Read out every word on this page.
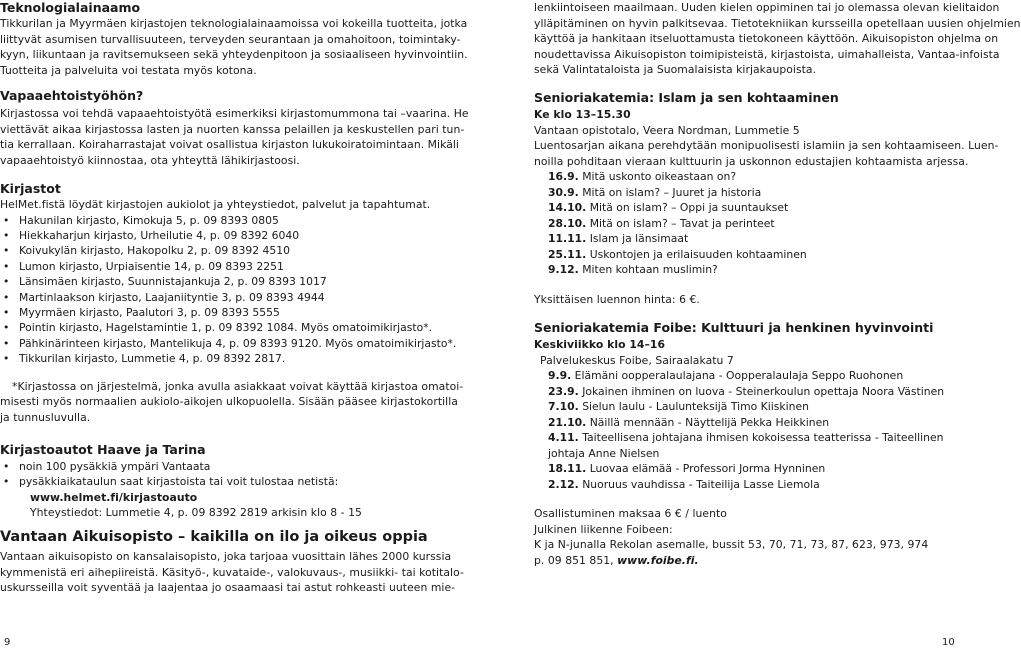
Teknologialainaamo

Tikkurilan ja Myyrmäen kirjastojen teknologialainaamoissa voi kokeilla tuotteita, jotka
liittyvät asumisen turvallisuuteen, terveyden seurantaan ja omahoitoon, toimintaky-
kyyn, liikuntaan ja ravitsemukseen sekä yhteydenpitoon ja sosiaaliseen hyvinvointiin.
Tuotteita ja palveluita voi testata myös kotona.

Vapaaehtoistyöhön?

Kirjastossa voi tehdä vapaaehtoistyötä esimerkiksi kirjastomummona tai –vaarina. He
viettävät aikaa kirjastossa lasten ja nuorten kanssa pelaillen ja keskustellen pari tun-
tia kerrallaan. Koiraharrastajat voivat osallistua kirjaston lukukoiratoimintaan. Mikäli
vapaaehtoistyö kiinnostaa, ota yhteyttä lähikirjastoosi.

Kirjastot

HelMet.fistä löydät kirjastojen aukiolot ja yhteystiedot, palvelut ja tapahtumat.

• Hakunilan kirjasto, Kimokuja 5, p. 09 8393 0805
• Hiekkaharjun kirjasto, Urheilutie 4, p. 09 8392 6040
• Koivukylän kirjasto, Hakopolku 2, p. 09 8392 4510
• Lumon kirjasto, Urpiaisentie 14, p. 09 8393 2251
• Länsimäen kirjasto, Suunnistajankuja 2, p. 09 8393 1017
• Martinlaakson kirjasto, Laajaniityntie 3, p. 09 8393 4944
• Myyrmäen kirjasto, Paalutori 3, p. 09 8393 5555
• Pointin kirjasto, Hagelstamintie 1, p. 09 8392 1084. Myös omatoimikirjasto*.
• Pähkinärinteen kirjasto, Mantelikuja 4, p. 09 8393 9120. Myös omatoimikirjasto*.
• Tikkurilan kirjasto, Lummetie 4, p. 09 8392 2817.

*Kirjastossa on järjestelmä, jonka avulla asiakkaat voivat käyttää kirjastoa omatoi-
misesti myös normaalien aukiolo-aikojen ulkopuolella. Sisään pääsee kirjastokortilla
ja tunnusluvulla.

Kirjastoautot Haave ja Tarina
• noin 100 pysäkkiä ympäri Vantaata
• pysäkkiaikataulun saat kirjastoista tai voit tulostaa netistä:
www.helmet.fi/kirjastoauto
Yhteystiedot: Lummetie 4, p. 09 8392 2819 arkisin klo 8 - 15
Vantaan Aikuisopisto – kaikilla on ilo ja oikeus oppia

Vantaan aikuisopisto on kansalaisopisto, joka tarjoaa vuosittain lähes 2000 kurssia
kymmenistä eri aihepiireistä. Käsityö-, kuvataide-, valokuvaus-, musiikki- tai kotitalo-
uskursseilla voit syventää ja laajentaa jo osaamaasi tai astut rohkeasti uuteen mie-

lenkiintoiseen maailmaan. Uuden kielen oppiminen tai jo olemassa olevan kielitaidon
ylläpitäminen on hyvin palkitsevaa. Tietotekniikan kursseilla opetellaan uusien ohjelmien
käyttöä ja hankitaan itseluottamusta tietokoneen käyttöön. Aikuisopiston ohjelma on
noudettavissa Aikuisopiston toimipisteistä, kirjastoista, uimahalleista, Vantaa-infoista
sekä Valintataloista ja Suomalaisista kirjakaupoista.

Senioriakatemia: Islam ja sen kohtaaminen
Ke klo 13–15.30
Vantaan opistotalo, Veera Nordman, Lummetie 5
Luentosarjan aikana perehdytään monipuolisesti islamiin ja sen kohtaamiseen. Luen-
noilla pohditaan vieraan kulttuurin ja uskonnon edustajien kohtaamista arjessa.
16.9. Mitä uskonto oikeastaan on?
30.9. Mitä on islam? – Juuret ja historia
14.10. Mitä on islam? – Oppi ja suuntaukset
28.10. Mitä on islam? – Tavat ja perinteet
11.11. Islam ja länsimaat
25.11. Uskontojen ja erilaisuuden kohtaaminen
9.12. Miten kohtaan muslimin?
Yksittäisen luennon hinta: 6 €.
Senioriakatemia Foibe: Kulttuuri ja henkinen hyvinvointi
Keskiviikko klo 14–16
Palvelukeskus Foibe, Sairaalakatu 7
9.9. Elämäni oopperalaulajana - Oopperalaulaja Seppo Ruohonen
23.9. Jokainen ihminen on luova - Steinerkoulun opettaja Noora Västinen
7.10. Sielun laulu - Laulunteksijä Timo Kiiskinen
21.10. Näillä mennään - Näyttelijä Pekka Heikkinen
4.11. Taiteellisena johtajana ihmisen kokoisessa teatterissa - Taiteellinen
johtaja Anne Nielsen
18.11. Luovaa elämää - Professori Jorma Hynninen
2.12. Nuoruus vauhdissa - Taiteilija Lasse Liemola
Osallistuminen maksaa 6 € / luento
Julkinen liikenne Foibeen:
K ja N-junalla Rekolan asemalle, bussit 53, 70, 71, 73, 87, 623, 973, 974
p. 09 851 851, www.foibe.fi.
9	10
